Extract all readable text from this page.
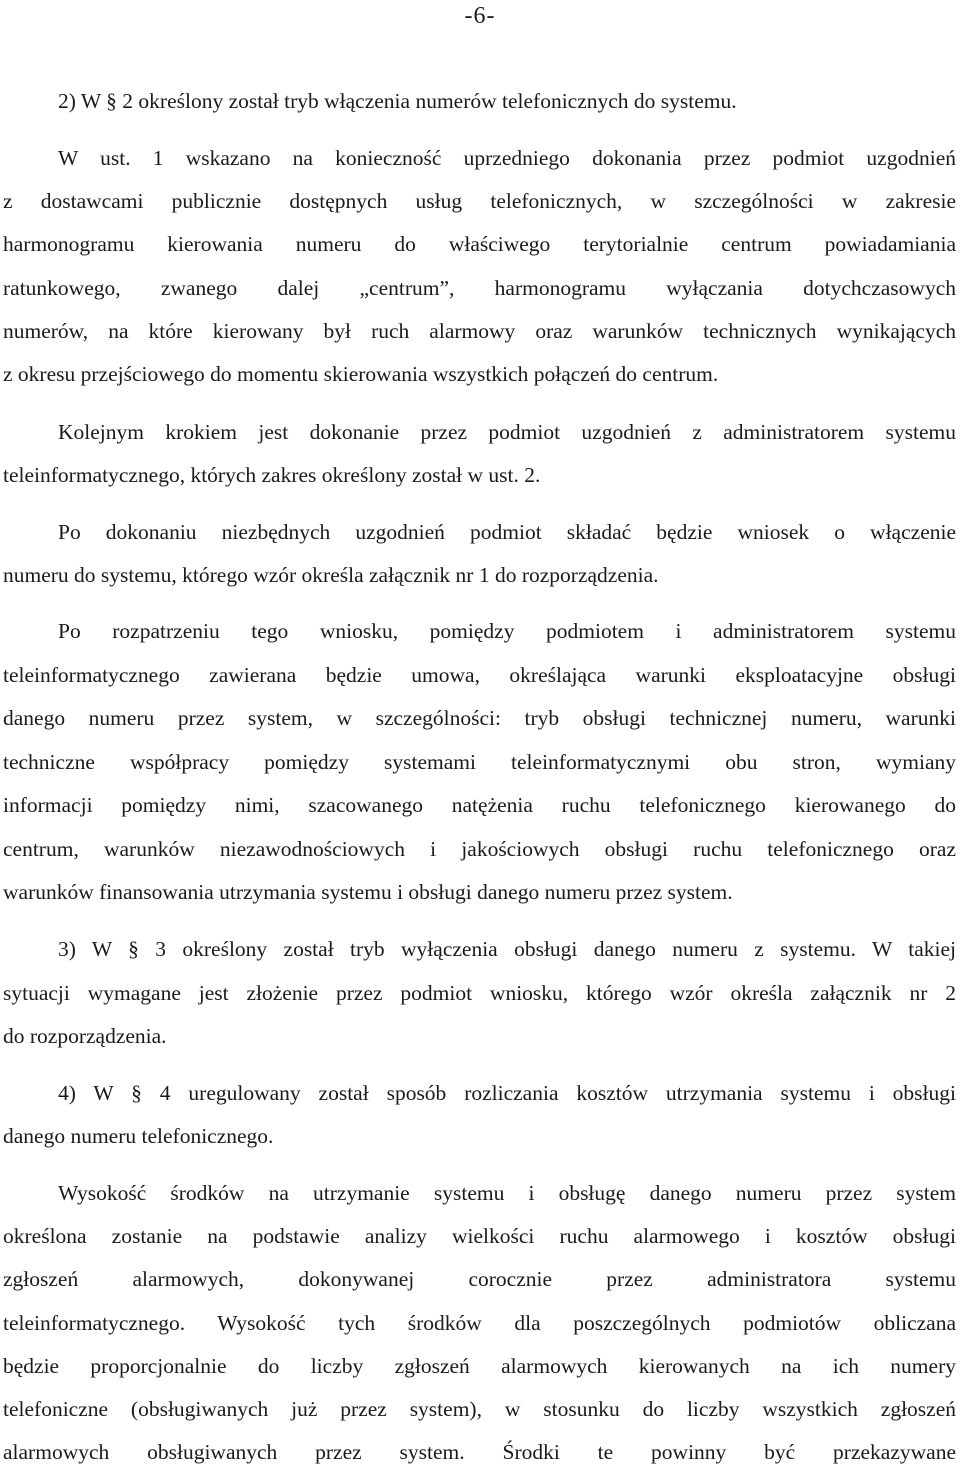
-6-
2) W § 2 określony został tryb włączenia numerów telefonicznych do systemu.
W ust. 1 wskazano na konieczność uprzedniego dokonania przez podmiot uzgodnień
z dostawcami publicznie dostępnych usług telefonicznych, w szczególności w zakresie
harmonogramu kierowania numeru do właściwego terytorialnie centrum powiadamiania
ratunkowego, zwanego dalej „centrum”, harmonogramu wyłączania dotychczasowych
numerów, na które kierowany był ruch alarmowy oraz warunków technicznych wynikających
z okresu przejściowego do momentu skierowania wszystkich połączeń do centrum.
Kolejnym krokiem jest dokonanie przez podmiot uzgodnień z administratorem systemu
teleinformatycznego, których zakres określony został w ust. 2.
Po dokonaniu niezbędnych uzgodnień podmiot składać będzie wniosek o włączenie
numeru do systemu, którego wzór określa załącznik nr 1 do rozporządzenia.
Po rozpatrzeniu tego wniosku, pomiędzy podmiotem i administratorem systemu
teleinformatycznego zawierana będzie umowa, określająca warunki eksploatacyjne obsługi
danego numeru przez system, w szczególności: tryb obsługi technicznej numeru, warunki
techniczne współpracy pomiędzy systemami teleinformatycznymi obu stron, wymiany
informacji pomiędzy nimi, szacowanego natężenia ruchu telefonicznego kierowanego do
centrum, warunków niezawodnościowych i jakościowych obsługi ruchu telefonicznego oraz
warunków finansowania utrzymania systemu i obsługi danego numeru przez system.
3) W § 3 określony został tryb wyłączenia obsługi danego numeru z systemu. W takiej
sytuacji wymagane jest złożenie przez podmiot wniosku, którego wzór określa załącznik nr 2
do rozporządzenia.
4) W § 4 uregulowany został sposób rozliczania kosztów utrzymania systemu i obsługi
danego numeru telefonicznego.
Wysokość środków na utrzymanie systemu i obsługę danego numeru przez system
określona zostanie na podstawie analizy wielkości ruchu alarmowego i kosztów obsługi
zgłoszeń alarmowych, dokonywanej corocznie przez administratora systemu
teleinformatycznego. Wysokość tych środków dla poszczególnych podmiotów obliczana
będzie proporcjonalnie do liczby zgłoszeń alarmowych kierowanych na ich numery
telefoniczne (obsługiwanych już przez system), w stosunku do liczby wszystkich zgłoszeń
alarmowych obsługiwanych przez system. Środki te powinny być przekazywane
